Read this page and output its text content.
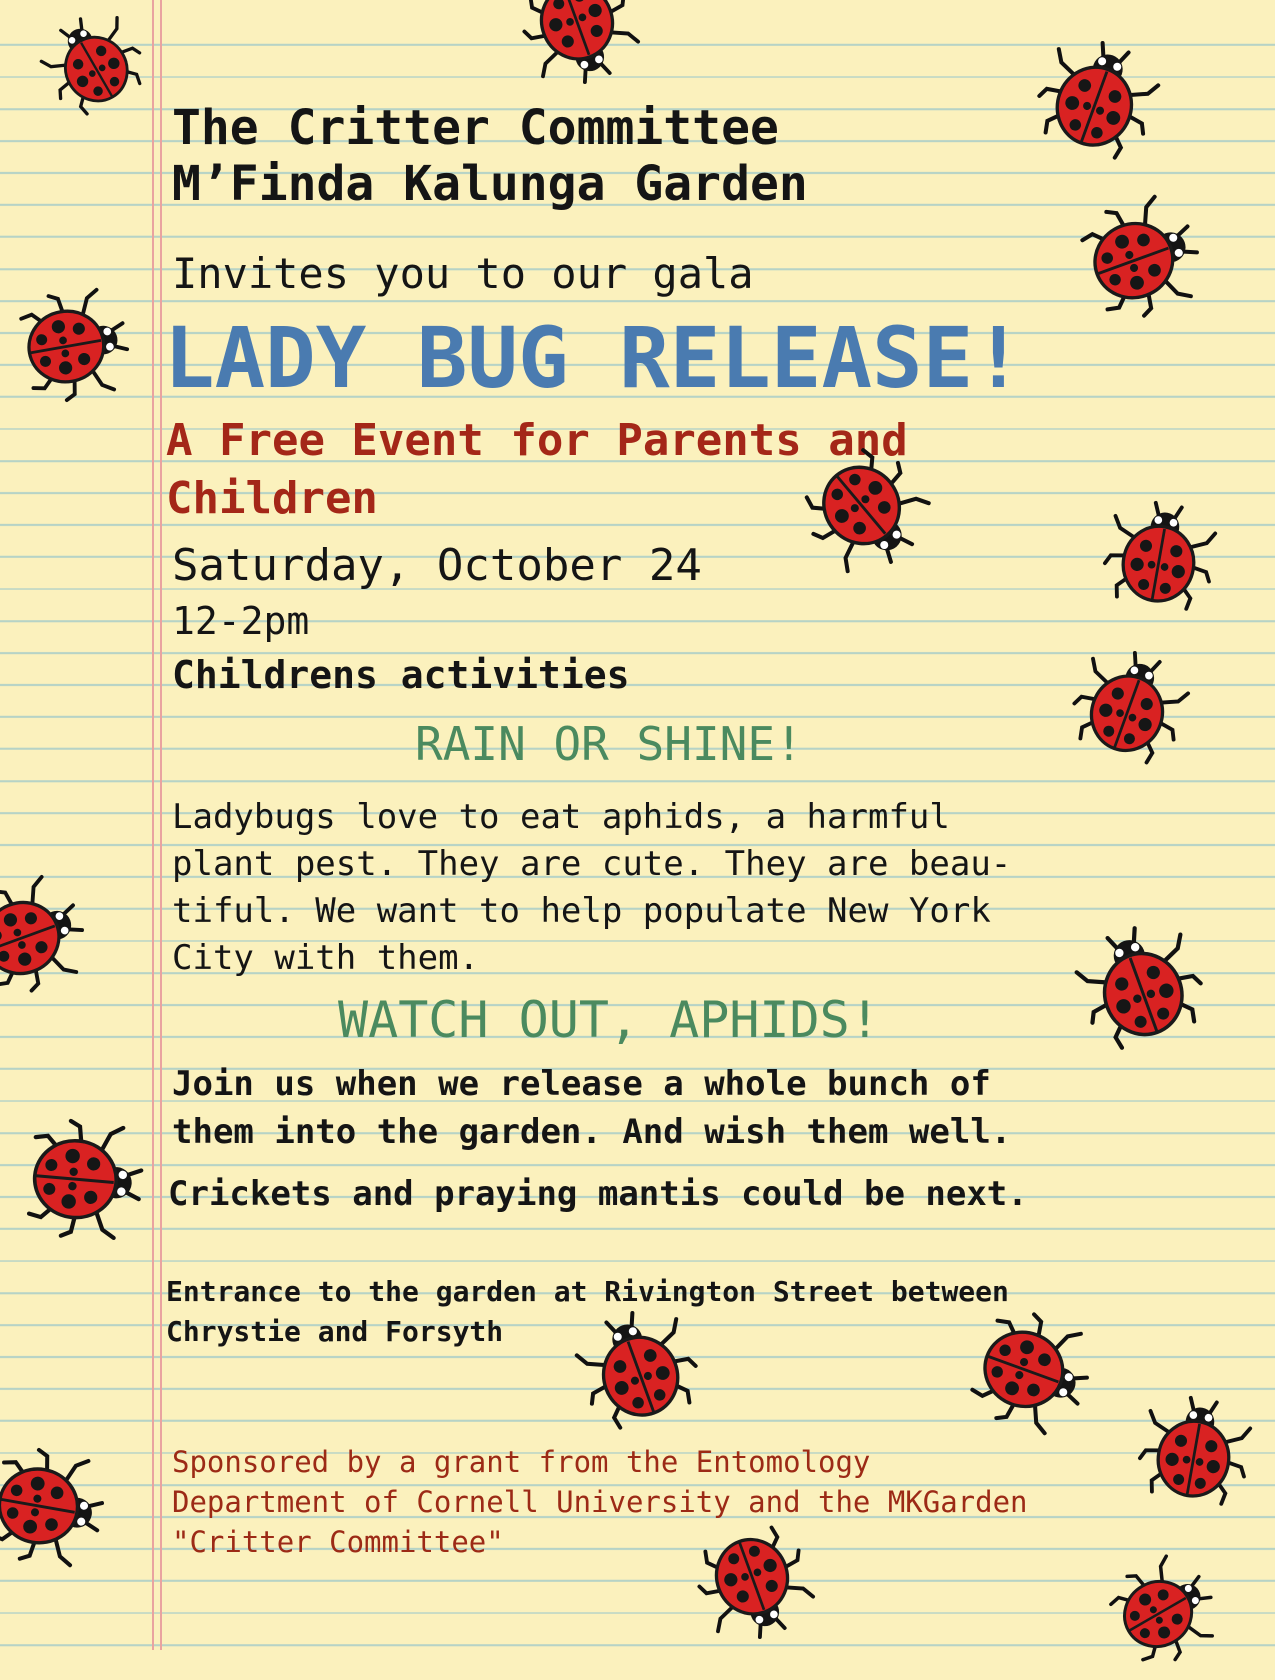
The Critter Committee
M’Finda Kalunga Garden

Invites you to our gala

LADY BUG RELEASE!

A Free Event for Parents and

Children

Saturday, October 24

12-2pm

Childrens activities

RAIN OR SHINE!

Ladybugs love to eat aphids, a harmful
plant pest. They are cute. They are beau-
tiful. We want to help populate New York
City with them.

WATCH OUT, APHIDS!

Join us when we release a whole bunch of
them into the garden. And wish them well.

Crickets and praying mantis could be next.

Entrance to the garden at Rivington Street between

Chrystie and Forsyth

Sponsored by a grant from the Entomology

Department of Cornell University and the MKGarden

"Critter Committee"
